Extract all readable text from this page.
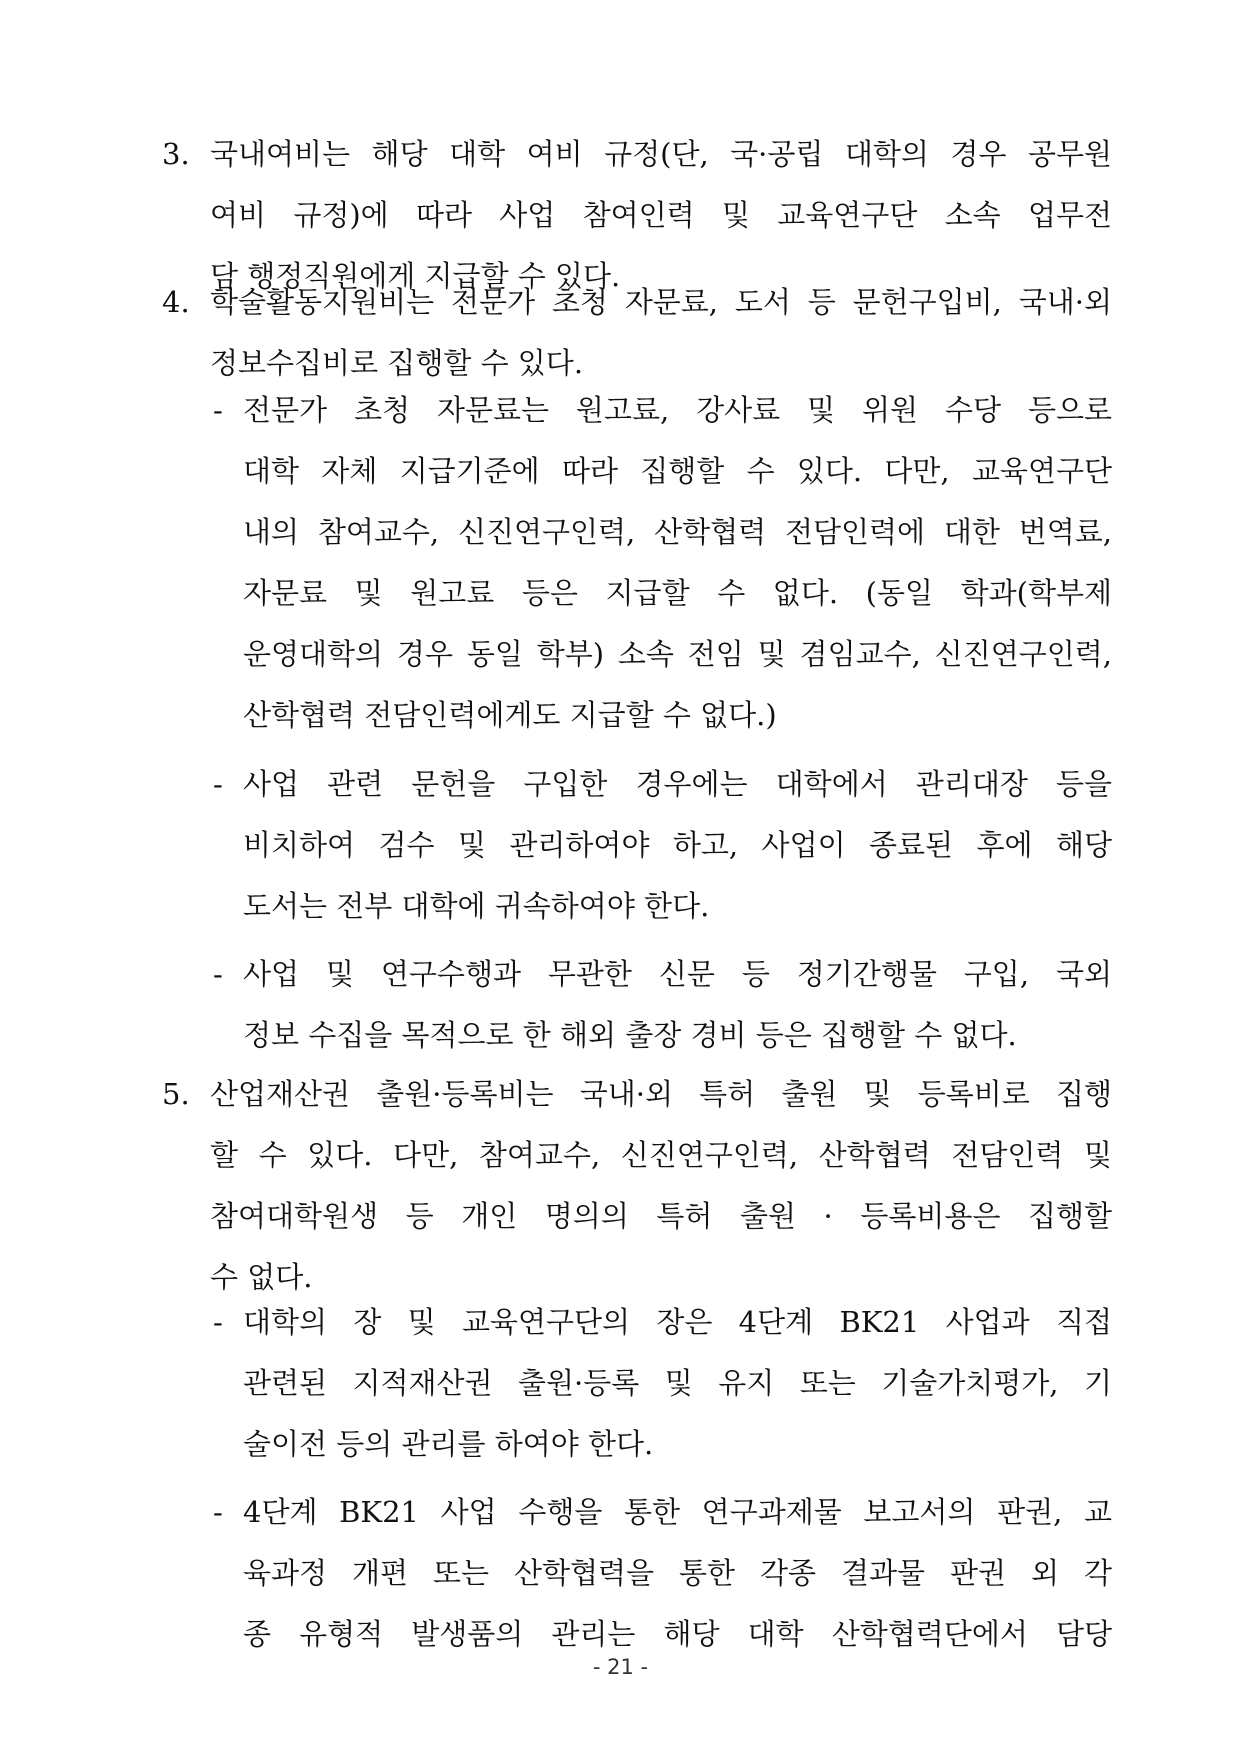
3. 국내여비는 해당 대학 여비 규정(단, 국·공립 대학의 경우 공무원
여비 규정)에 따라 사업 참여인력 및 교육연구단 소속 업무전
담 행정직원에게 지급할 수 있다.
4. 학술활동지원비는 전문가 초청 자문료, 도서 등 문헌구입비, 국내·외
정보수집비로 집행할 수 있다.
- 전문가 초청 자문료는 원고료, 강사료 및 위원 수당 등으로
대학 자체 지급기준에 따라 집행할 수 있다. 다만, 교육연구단
내의 참여교수, 신진연구인력, 산학협력 전담인력에 대한 번역료,
자문료 및 원고료 등은 지급할 수 없다. (동일 학과(학부제
운영대학의 경우 동일 학부) 소속 전임 및 겸임교수, 신진연구인력,
산학협력 전담인력에게도 지급할 수 없다.)
- 사업 관련 문헌을 구입한 경우에는 대학에서 관리대장 등을
비치하여 검수 및 관리하여야 하고, 사업이 종료된 후에 해당
도서는 전부 대학에 귀속하여야 한다.
- 사업 및 연구수행과 무관한 신문 등 정기간행물 구입, 국외
정보 수집을 목적으로 한 해외 출장 경비 등은 집행할 수 없다.
5. 산업재산권 출원·등록비는 국내·외 특허 출원 및 등록비로 집행
할 수 있다. 다만, 참여교수, 신진연구인력, 산학협력 전담인력 및
참여대학원생 등 개인 명의의 특허 출원 · 등록비용은 집행할
수 없다.
- 대학의 장 및 교육연구단의 장은 4단계 BK21 사업과 직접
관련된 지적재산권 출원·등록 및 유지 또는 기술가치평가, 기
술이전 등의 관리를 하여야 한다.
- 4단계 BK21 사업 수행을 통한 연구과제물 보고서의 판권, 교
육과정 개편 또는 산학협력을 통한 각종 결과물 판권 외 각
종 유형적 발생품의 관리는 해당 대학 산학협력단에서 담당
- 21 -
